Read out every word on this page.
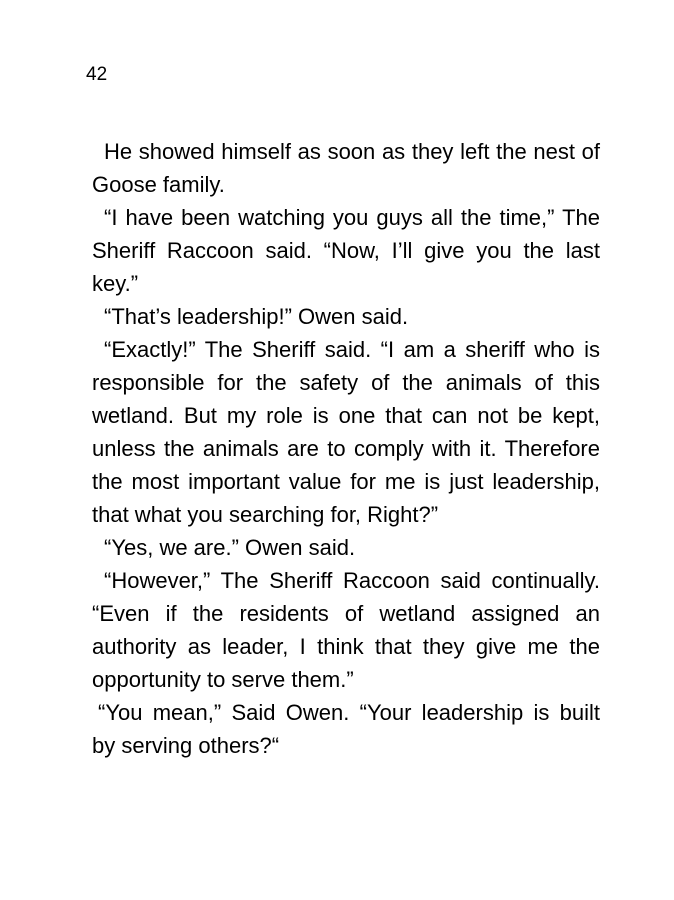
42

He showed himself as soon as they left the nest of Goose family.

“I have been watching you guys all the time,” The Sheriff Raccoon said. “Now, I’ll give you the last key.”

“That’s leadership!” Owen said.

“Exactly!” The Sheriff said. “I am a sheriff who is responsible for the safety of the animals of this wetland. But my role is one that can not be kept, unless the animals are to comply with it. Therefore the most important value for me is just leadership, that what you searching for, Right?”

“Yes, we are.” Owen said.

“However,” The Sheriff Raccoon said continually. “Even if the residents of wetland assigned an authority as leader, I think that they give me the opportunity to serve them.”

“You mean,” Said Owen. “Your leadership is built by serving others?“
